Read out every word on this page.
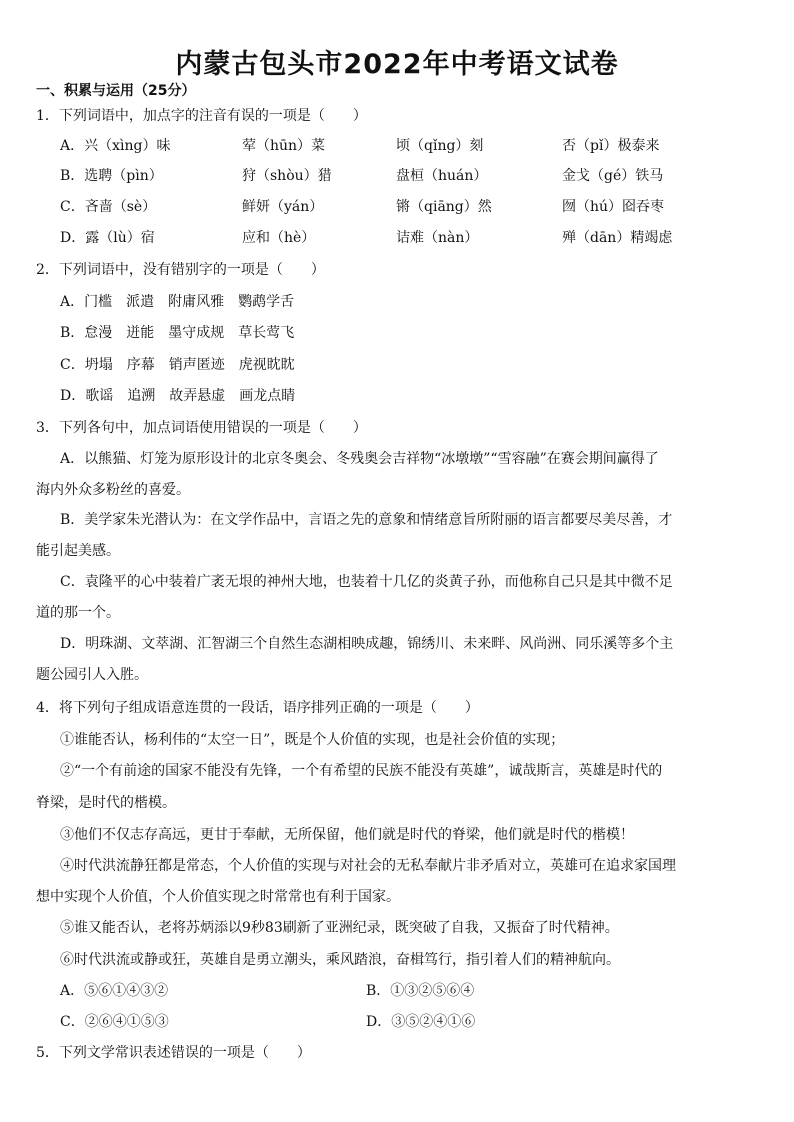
内蒙古包头市2022年中考语文试卷
一、积累与运用（25分）
1．下列词语中，加点字的注音有误的一项是（　　）
A．兴（xìng）味	荤（hūn）菜	顷（qǐng）刻	否（pǐ）极泰来
B．选聘（pìn）	狩（shòu）猎	盘桓（huán）	金戈（gé）铁马
C．吝啬（sè）	鲜妍（yán）	锵（qiāng）然	囫（hú）囵吞枣
D．露（lù）宿	应和（hè）	诘难（nàn）	殚（dān）精竭虑
2．下列词语中，没有错别字的一项是（　　）
A．门槛　派遣　附庸风雅　鹦鹉学舌
B．怠漫　迸能　墨守成规　草长莺飞
C．坍塌　序幕　销声匿迹　虎视眈眈
D．歌谣　追溯　故弄悬虚　画龙点睛
3．下列各句中，加点词语使用错误的一项是（　　）
A．以熊猫、灯笼为原形设计的北京冬奥会、冬残奥会吉祥物“冰墩墩”“雪容融”在赛会期间赢得了
海内外众多粉丝的喜爱。
B．美学家朱光潜认为：在文学作品中，言语之先的意象和情绪意旨所附丽的语言都要尽美尽善，才
能引起美感。
C．袁隆平的心中装着广袤无垠的神州大地，也装着十几亿的炎黄子孙，而他称自己只是其中微不足
道的那一个。
D．明珠湖、文萃湖、汇智湖三个自然生态湖相映成趣，锦绣川、未来畔、风尚洲、同乐溪等多个主
题公园引人入胜。
4．将下列句子组成语意连贯的一段话，语序排列正确的一项是（　　）
①谁能否认，杨利伟的“太空一日”，既是个人价值的实现，也是社会价值的实现；
②“一个有前途的国家不能没有先锋，一个有希望的民族不能没有英雄”，诚哉斯言，英雄是时代的
脊梁，是时代的楷模。
③他们不仅志存高远，更甘于奉献，无所保留，他们就是时代的脊梁，他们就是时代的楷模！
④时代洪流静狂都是常态，个人价值的实现与对社会的无私奉献片非矛盾对立，英雄可在追求家国理
想中实现个人价值，个人价值实现之时常常也有利于国家。
⑤谁又能否认，老将苏炳添以9秒83刷新了亚洲纪录，既突破了自我，又振奋了时代精神。
⑥时代洪流或静或狂，英雄自是勇立潮头，乘风踏浪，奋楫笃行，指引着人们的精神航向。
A．⑤⑥①④③②	B．①③②⑤⑥④
C．②⑥④①⑤③	D．③⑤②④①⑥
5．下列文学常识表述错误的一项是（　　）
